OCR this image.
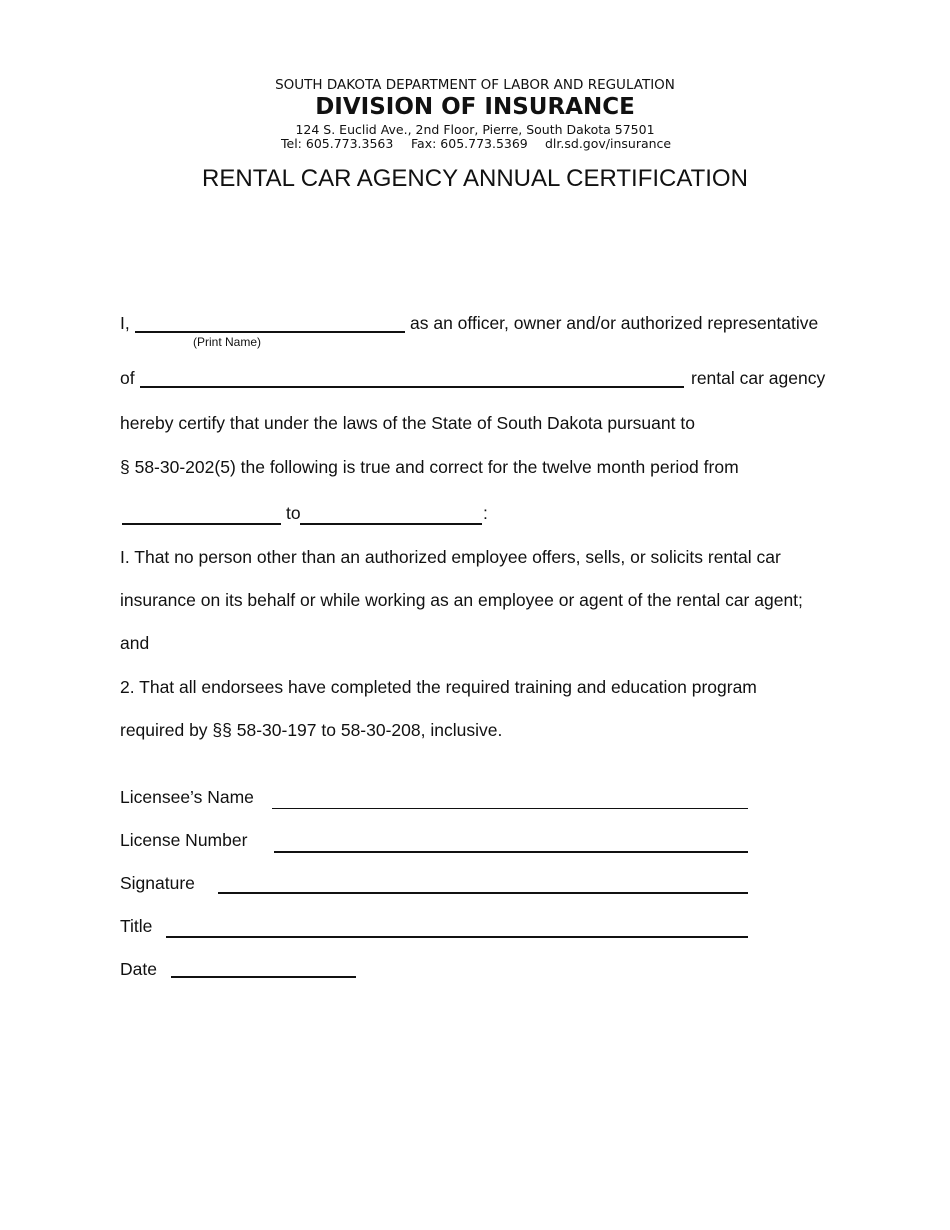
SOUTH DAKOTA DEPARTMENT OF LABOR AND REGULATION
DIVISION OF INSURANCE
124 S. Euclid Ave., 2nd Floor, Pierre, South Dakota 57501
Tel: 605.773.3563 Fax: 605.773.5369 dlr.sd.gov/insurance
RENTAL CAR AGENCY ANNUAL CERTIFICATION
I,	as an officer, owner and/or authorized representative
(Print Name)
of	rental car agency
hereby certify that under the laws of the State of South Dakota pursuant to
§ 58-30-202(5) the following is true and correct for the twelve month period from
to	:
I. That no person other than an authorized employee offers, sells, or solicits rental car
insurance on its behalf or while working as an employee or agent of the rental car agent;
and
2. That all endorsees have completed the required training and education program
required by §§ 58-30-197 to 58-30-208, inclusive.
Licensee’s Name
License Number
Signature
Title
Date
